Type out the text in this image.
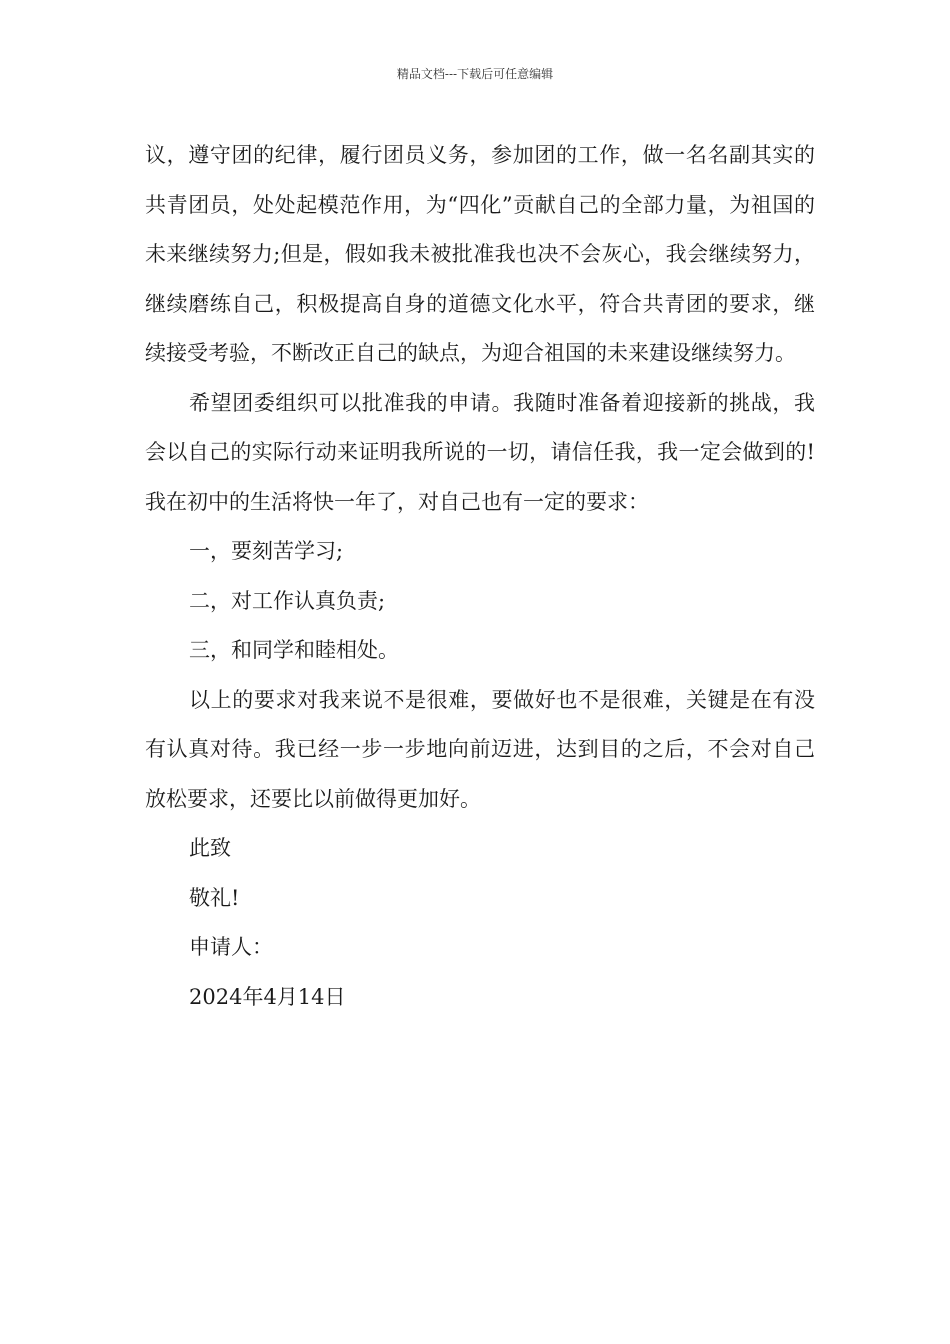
精品文档---下载后可任意编辑

议，遵守团的纪律，履行团员义务，参加团的工作，做一名名副其实的共青团员，处处起模范作用，为“四化”贡献自己的全部力量，为祖国的未来继续努力;但是，假如我未被批准我也决不会灰心，我会继续努力，继续磨练自己，积极提高自身的道德文化水平，符合共青团的要求，继续接受考验，不断改正自己的缺点，为迎合祖国的未来建设继续努力。

希望团委组织可以批准我的申请。我随时准备着迎接新的挑战，我会以自己的实际行动来证明我所说的一切，请信任我，我一定会做到的!我在初中的生活将快一年了，对自己也有一定的要求：

一，要刻苦学习;

二，对工作认真负责;

三，和同学和睦相处。

以上的要求对我来说不是很难，要做好也不是很难，关键是在有没有认真对待。我已经一步一步地向前迈进，达到目的之后，不会对自己放松要求，还要比以前做得更加好。

此致

敬礼!

申请人：

2024年4月14日
